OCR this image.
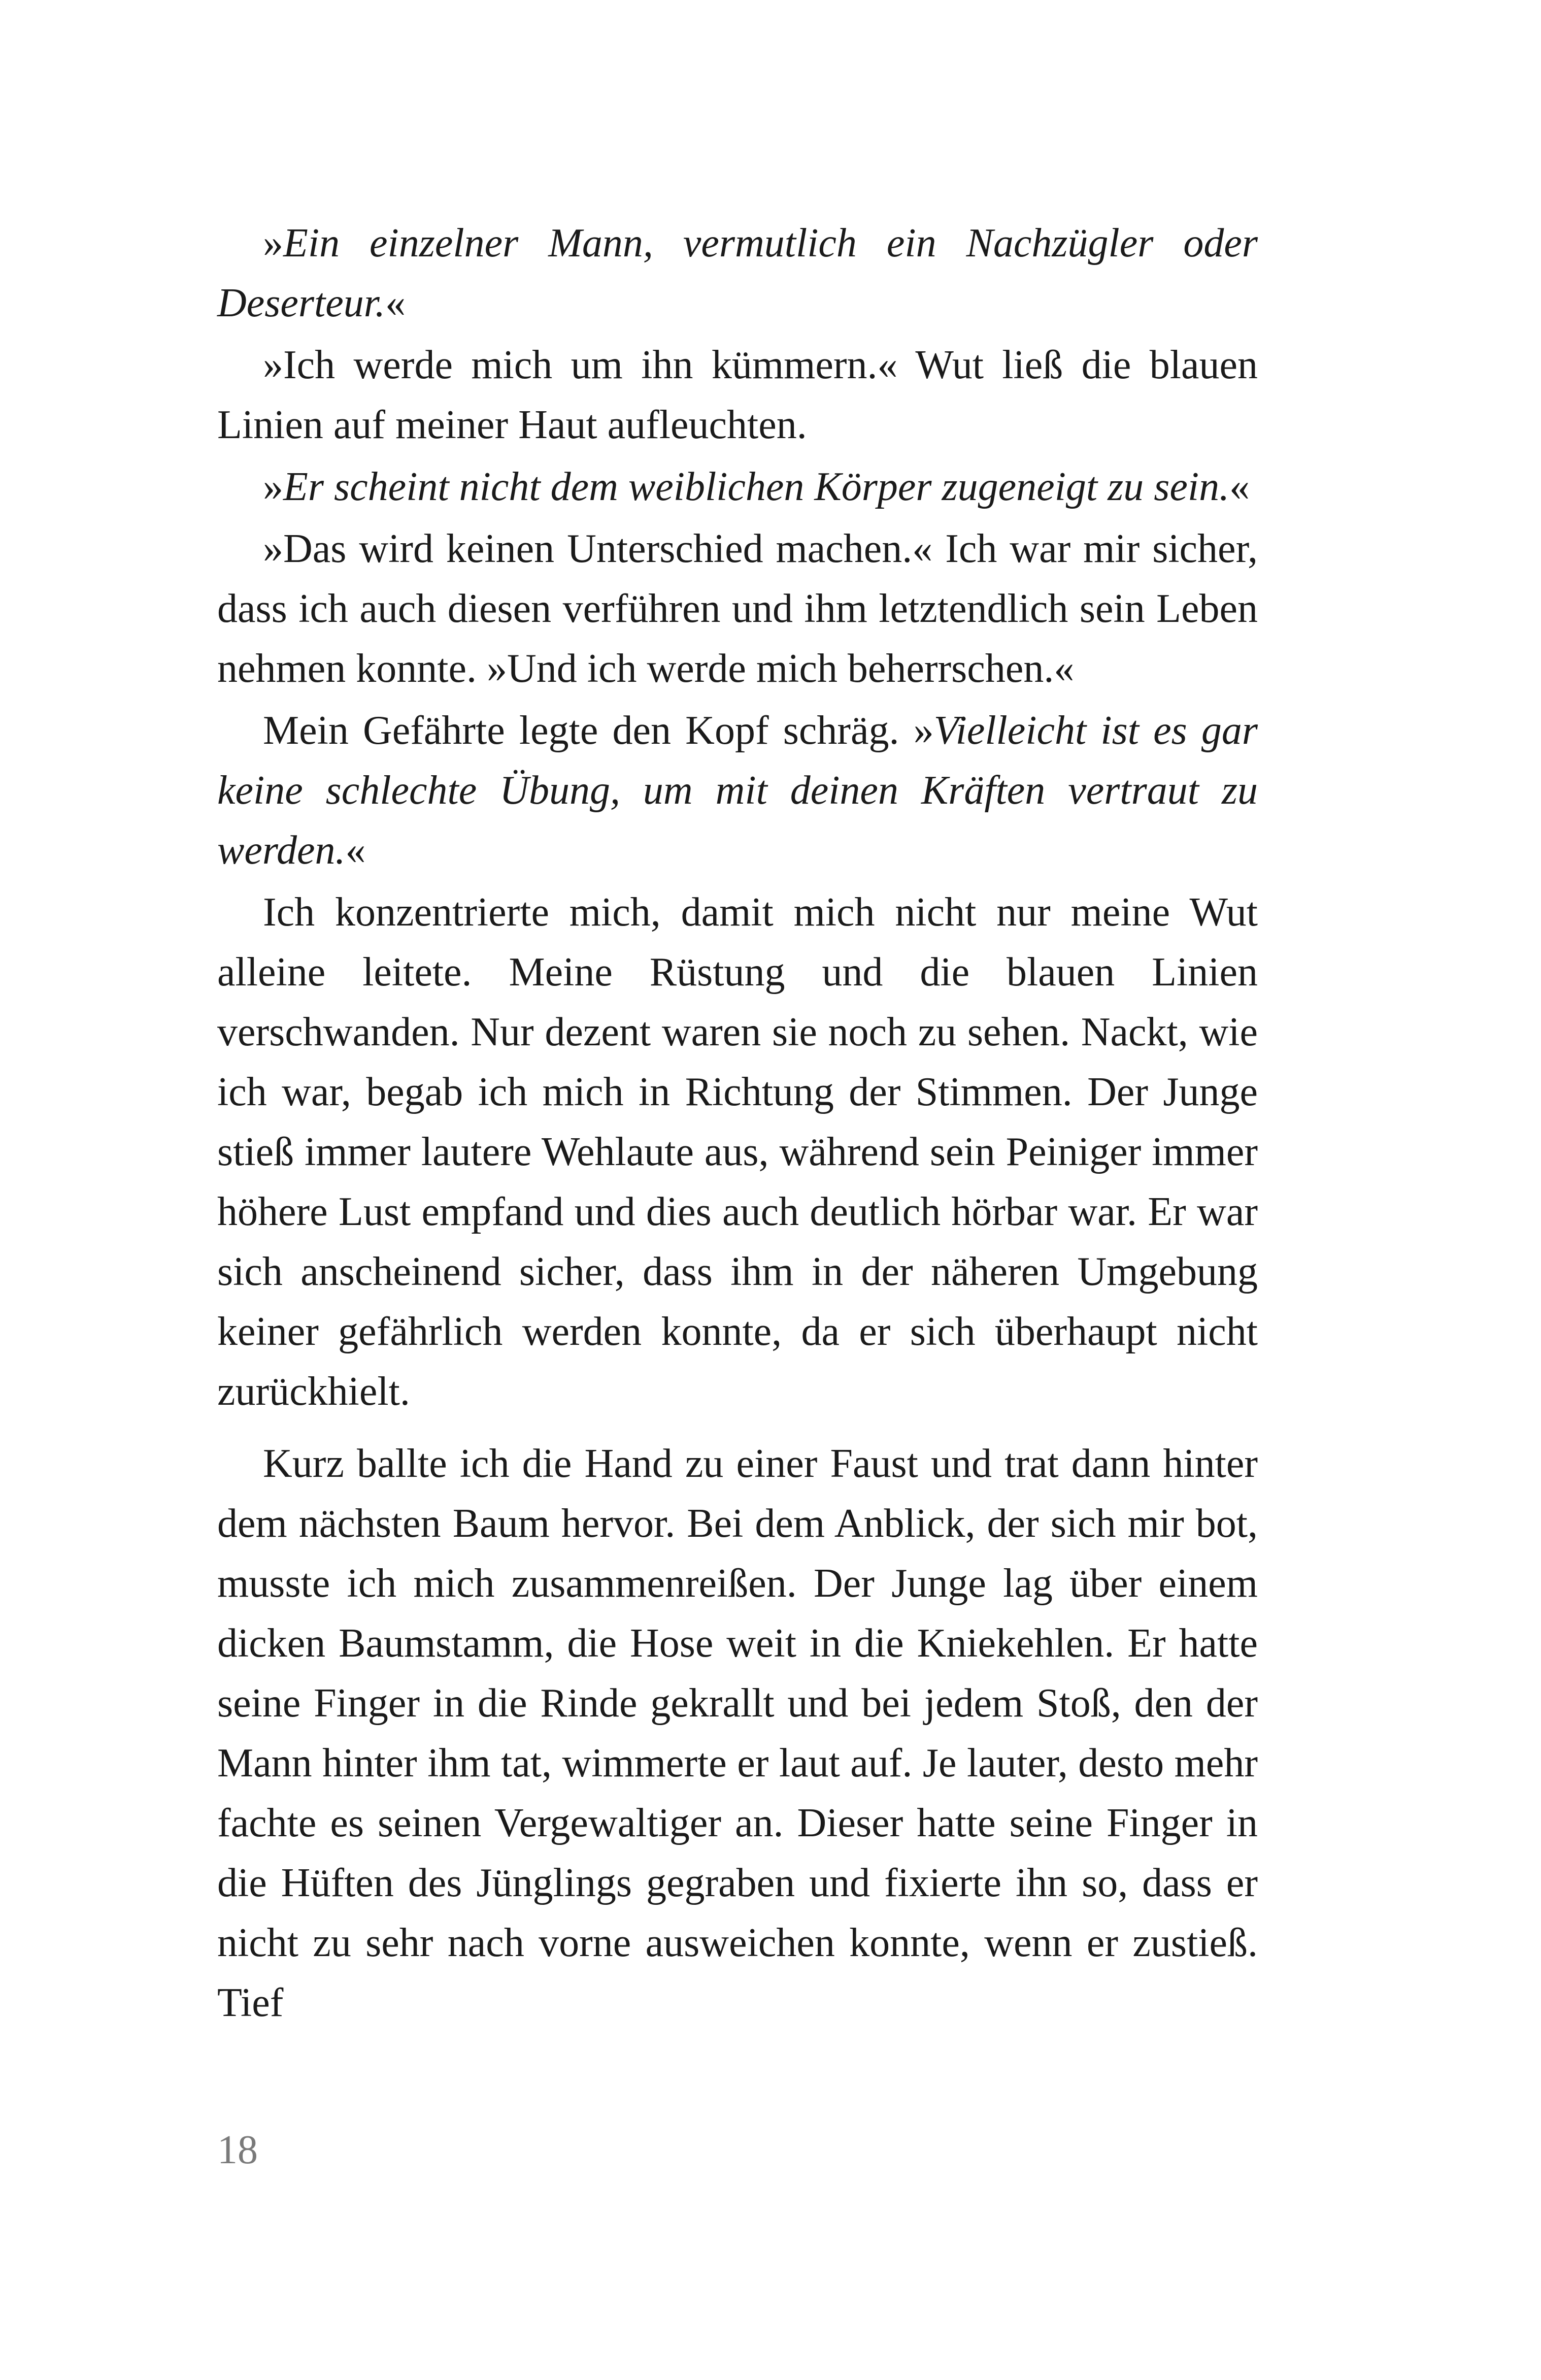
»Ein einzelner Mann, vermutlich ein Nachzügler oder Deserteur.«

»Ich werde mich um ihn kümmern.« Wut ließ die blauen Linien auf meiner Haut aufleuchten.

»Er scheint nicht dem weiblichen Körper zugeneigt zu sein.«

»Das wird keinen Unterschied machen.« Ich war mir sicher, dass ich auch diesen verführen und ihm letztendlich sein Leben nehmen konnte. »Und ich werde mich beherrschen.«

Mein Gefährte legte den Kopf schräg. »Vielleicht ist es gar keine schlechte Übung, um mit deinen Kräften vertraut zu werden.«

Ich konzentrierte mich, damit mich nicht nur meine Wut alleine leitete. Meine Rüstung und die blauen Linien verschwanden. Nur dezent waren sie noch zu sehen. Nackt, wie ich war, begab ich mich in Richtung der Stimmen. Der Junge stieß immer lautere Wehlaute aus, während sein Peiniger immer höhere Lust empfand und dies auch deutlich hörbar war. Er war sich anscheinend sicher, dass ihm in der näheren Umgebung keiner gefährlich werden konnte, da er sich überhaupt nicht zurückhielt.

Kurz ballte ich die Hand zu einer Faust und trat dann hinter dem nächsten Baum hervor. Bei dem Anblick, der sich mir bot, musste ich mich zusammenreißen. Der Junge lag über einem dicken Baumstamm, die Hose weit in die Kniekehlen. Er hatte seine Finger in die Rinde gekrallt und bei jedem Stoß, den der Mann hinter ihm tat, wimmerte er laut auf. Je lauter, desto mehr fachte es seinen Vergewaltiger an. Dieser hatte seine Finger in die Hüften des Jünglings gegraben und fixierte ihn so, dass er nicht zu sehr nach vorne ausweichen konnte, wenn er zustieß. Tief

18
